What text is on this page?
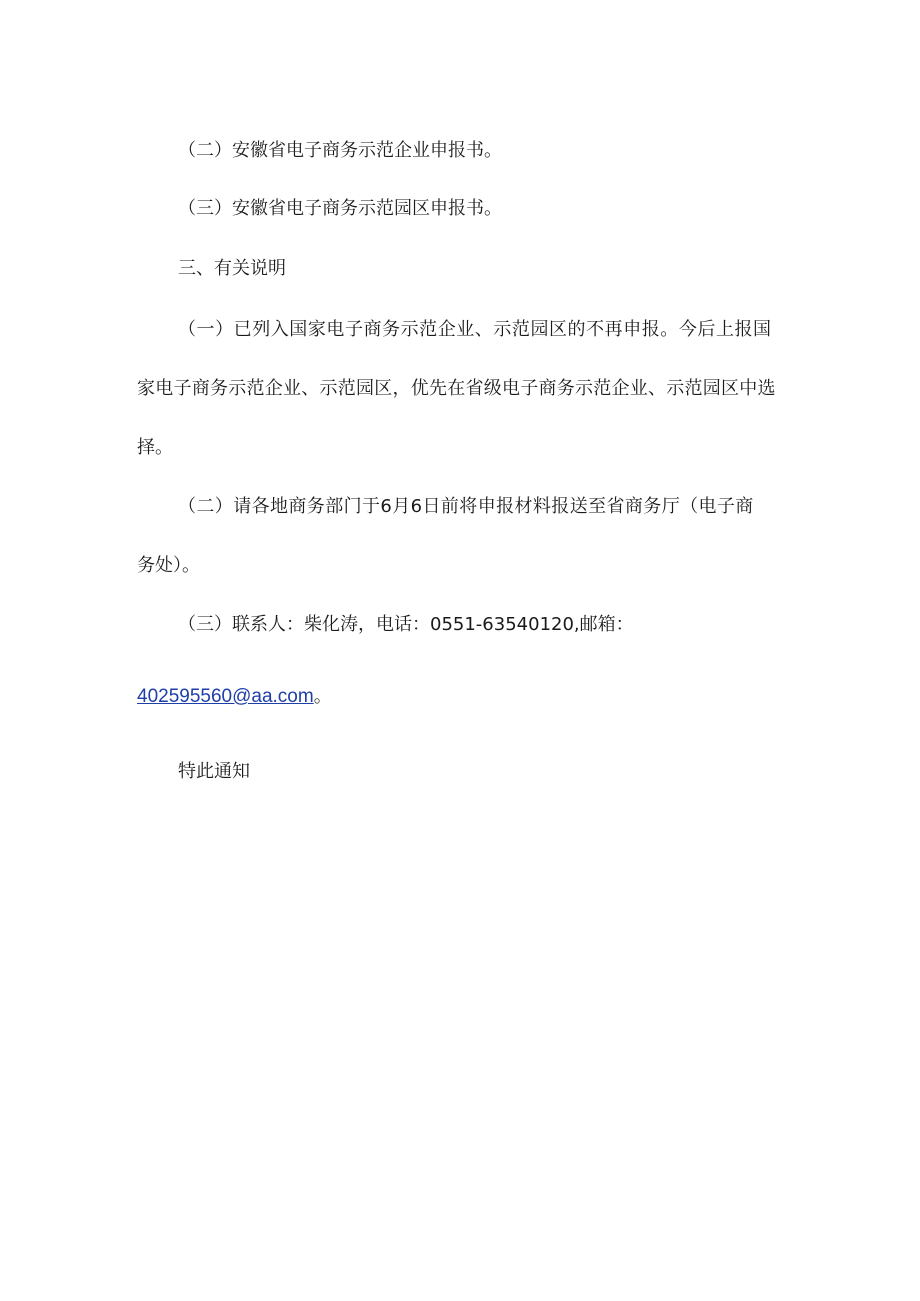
（二）安徽省电子商务示范企业申报书。

（三）安徽省电子商务示范园区申报书。

三、有关说明

（一）已列入国家电子商务示范企业、示范园区的不再申报。今后上报国

家电子商务示范企业、示范园区，优先在省级电子商务示范企业、示范园区中选

择。

（二）请各地商务部门于6月6日前将申报材料报送至省商务厅（电子商

务处）。

（三）联系人：柴化涛，电话：0551-63540120,邮箱：

402595560@aa.com。

特此通知
